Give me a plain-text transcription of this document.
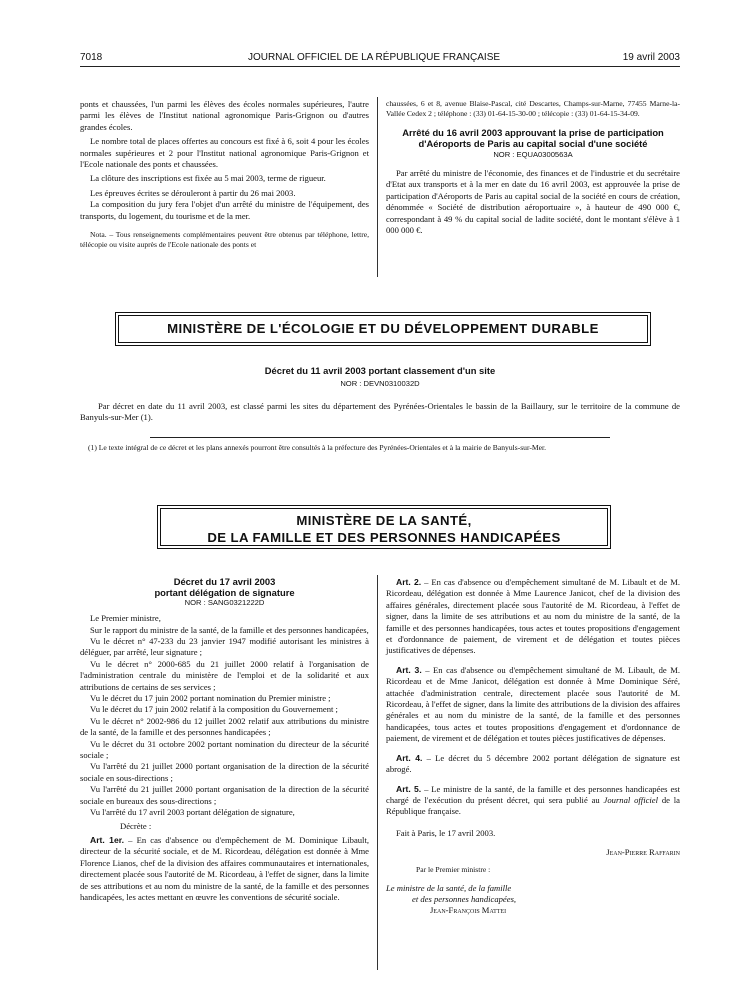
7018	JOURNAL OFFICIEL DE LA RÉPUBLIQUE FRANÇAISE	19 avril 2003

ponts et chaussées, l'un parmi les élèves des écoles normales supérieures, l'autre parmi les élèves de l'Institut national agronomique Paris-Grignon ou d'autres grandes écoles.

Le nombre total de places offertes au concours est fixé à 6, soit 4 pour les écoles normales supérieures et 2 pour l'Institut national agronomique Paris-Grignon et l'Ecole nationale des ponts et chaussées.

La clôture des inscriptions est fixée au 5 mai 2003, terme de rigueur.

Les épreuves écrites se dérouleront à partir du 26 mai 2003.

La composition du jury fera l'objet d'un arrêté du ministre de l'équipement, des transports, du logement, du tourisme et de la mer.

Nota. – Tous renseignements complémentaires peuvent être obtenus par téléphone, lettre, télécopie ou visite auprès de l'Ecole nationale des ponts et

chaussées, 6 et 8, avenue Blaise-Pascal, cité Descartes, Champs-sur-Marne, 77455 Marne-la-Vallée Cedex 2 ; téléphone : (33) 01-64-15-30-00 ; télécopie : (33) 01-64-15-34-09.

Arrêté du 16 avril 2003 approuvant la prise de participation d'Aéroports de Paris au capital social d'une société
NOR : EQUA0300563A

Par arrêté du ministre de l'économie, des finances et de l'industrie et du secrétaire d'Etat aux transports et à la mer en date du 16 avril 2003, est approuvée la prise de participation d'Aéroports de Paris au capital social de la société en cours de création, dénommée « Société de distribution aéroportuaire », à hauteur de 490 000 €, correspondant à 49 % du capital social de ladite société, dont le montant s'élève à 1 000 000 €.

MINISTÈRE DE L'ÉCOLOGIE ET DU DÉVELOPPEMENT DURABLE
Décret du 11 avril 2003 portant classement d'un site
NOR : DEVN0310032D

Par décret en date du 11 avril 2003, est classé parmi les sites du département des Pyrénées-Orientales le bassin de la Baillaury, sur le territoire de la commune de Banyuls-sur-Mer (1).

(1) Le texte intégral de ce décret et les plans annexés pourront être consultés à la préfecture des Pyrénées-Orientales et à la mairie de Banyuls-sur-Mer.

MINISTÈRE DE LA SANTÉ,
DE LA FAMILLE ET DES PERSONNES HANDICAPÉES
Décret du 17 avril 2003
portant délégation de signature
NOR : SANG0321222D

Le Premier ministre,

Sur le rapport du ministre de la santé, de la famille et des personnes handicapées,

Vu le décret n° 47-233 du 23 janvier 1947 modifié autorisant les ministres à déléguer, par arrêté, leur signature ;

Vu le décret n° 2000-685 du 21 juillet 2000 relatif à l'organisation de l'administration centrale du ministère de l'emploi et de la solidarité et aux attributions de certains de ses services ;

Vu le décret du 17 juin 2002 portant nomination du Premier ministre ;

Vu le décret du 17 juin 2002 relatif à la composition du Gouvernement ;

Vu le décret n° 2002-986 du 12 juillet 2002 relatif aux attributions du ministre de la santé, de la famille et des personnes handicapées ;

Vu le décret du 31 octobre 2002 portant nomination du directeur de la sécurité sociale ;

Vu l'arrêté du 21 juillet 2000 portant organisation de la direction de la sécurité sociale en sous-directions ;

Vu l'arrêté du 21 juillet 2000 portant organisation de la direction de la sécurité sociale en bureaux des sous-directions ;

Vu l'arrêté du 17 avril 2003 portant délégation de signature,

Décrète :

Art. 1er. – En cas d'absence ou d'empêchement de M. Dominique Libault, directeur de la sécurité sociale, et de M. Ricordeau, délégation est donnée à Mme Florence Lianos, chef de la division des affaires communautaires et internationales, directement placée sous l'autorité de M. Ricordeau, à l'effet de signer, dans la limite de ses attributions et au nom du ministre de la santé, de la famille et des personnes handicapées, les actes mettant en œuvre les conventions de sécurité sociale.

Art. 2. – En cas d'absence ou d'empêchement simultané de M. Libault et de M. Ricordeau, délégation est donnée à Mme Laurence Janicot, chef de la division des affaires générales, directement placée sous l'autorité de M. Ricordeau, à l'effet de signer, dans la limite de ses attributions et au nom du ministre de la santé, de la famille et des personnes handicapées, tous actes et toutes propositions d'engagement et d'ordonnance de paiement, de virement et de délégation et toutes pièces justificatives de dépenses.

Art. 3. – En cas d'absence ou d'empêchement simultané de M. Libault, de M. Ricordeau et de Mme Janicot, délégation est donnée à Mme Dominique Séré, attachée d'administration centrale, directement placée sous l'autorité de M. Ricordeau, à l'effet de signer, dans la limite des attributions de la division des affaires générales et au nom du ministre de la santé, de la famille et des personnes handicapées, tous actes et toutes propositions d'engagement et d'ordonnance de paiement, de virement et de délégation et toutes pièces justificatives de dépenses.

Art. 4. – Le décret du 5 décembre 2002 portant délégation de signature est abrogé.

Art. 5. – Le ministre de la santé, de la famille et des personnes handicapées est chargé de l'exécution du présent décret, qui sera publié au Journal officiel de la République française.

Fait à Paris, le 17 avril 2003.

Jean-Pierre Raffarin

Par le Premier ministre :

Le ministre de la santé, de la famille

et des personnes handicapées,

Jean-François Mattei
